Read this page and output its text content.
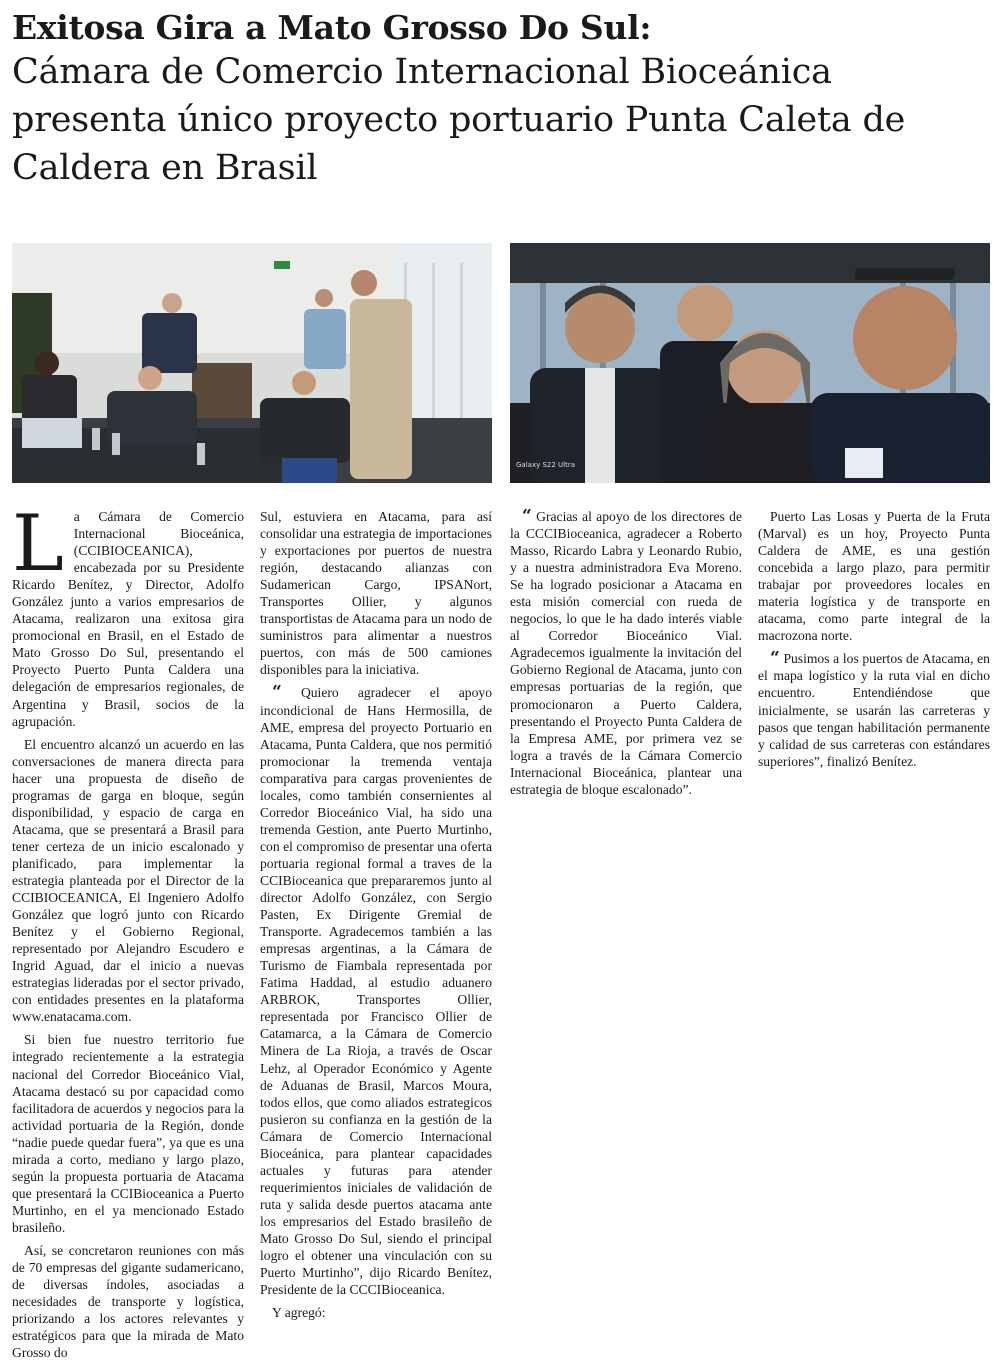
Exitosa Gira a Mato Grosso Do Sul:
Cámara de Comercio Internacional Bioceánica presenta único proyecto portuario Punta Caleta de Caldera en Brasil
Galaxy S22 Ultra

La Cámara de Comercio Internacional Bioceánica, (CCIBIOCEANICA), encabezada por su Presidente Ricardo Benítez, y Director, Adolfo González junto a varios empresarios de Atacama, realizaron una exitosa gira promocional en Brasil, en el Estado de Mato Grosso Do Sul, presentando el Proyecto Puerto Punta Caldera una delegación de empresarios regionales, de Argentina y Brasil, socios de la agrupación.

El encuentro alcanzó un acuerdo en las conversaciones de manera directa para hacer una propuesta de diseño de programas de garga en bloque, según disponibilidad, y espacio de carga en Atacama, que se presentará a Brasil para tener certeza de un inicio escalonado y planificado, para implementar la estrategia planteada por el Director de la CCIBIOCEANICA, El Ingeniero Adolfo González que logró junto con Ricardo Benítez y el Gobierno Regional, representado por Alejandro Escudero e Ingrid Aguad, dar el inicio a nuevas estrategias lideradas por el sector privado, con entidades presentes en la plataforma www.enatacama.com.

Si bien fue nuestro territorio fue integrado recientemente a la estrategia nacional del Corredor Bioceánico Vial, Atacama destacó su por capacidad como facilitadora de acuerdos y negocios para la actividad portuaria de la Región, donde “nadie puede quedar fuera”, ya que es una mirada a corto, mediano y largo plazo, según la propuesta portuaria de Atacama que presentará la CCIBioceanica a Puerto Murtinho, en el ya mencionado Estado brasileño.

Así, se concretaron reuniones con más de 70 empresas del gigante sudamericano, de diversas índoles, asociadas a necesidades de transporte y logística, priorizando a los actores relevantes y estratégicos para que la mirada de Mato Grosso do

Sul, estuviera en Atacama, para así consolidar una estrategia de importaciones y exportaciones por puertos de nuestra región, destacando alianzas con Sudamerican Cargo, IPSANort, Transportes Ollier, y algunos transportistas de Atacama para un nodo de suministros para alimentar a nuestros puertos, con más de 500 camiones disponibles para la iniciativa.

“ Quiero agradecer el apoyo incondicional de Hans Hermosilla, de AME, empresa del proyecto Portuario en Atacama, Punta Caldera, que nos permitió promocionar la tremenda ventaja comparativa para cargas provenientes de locales, como también consernientes al Corredor Bioceánico Vial, ha sido una tremenda Gestion, ante Puerto Murtinho, con el compromiso de presentar una oferta portuaria regional formal a traves de la CCIBioceanica que prepararemos junto al director Adolfo González, con Sergio Pasten, Ex Dirigente Gremial de Transporte. Agradecemos también a las empresas argentinas, a la Cámara de Turismo de Fiambala representada por Fatima Haddad, al estudio aduanero ARBROK, Transportes Ollier, representada por Francisco Ollier de Catamarca, a la Cámara de Comercio Minera de La Rioja, a través de Oscar Lehz, al Operador Económico y Agente de Aduanas de Brasil, Marcos Moura, todos ellos, que como aliados estrategicos pusieron su confianza en la gestión de la Cámara de Comercio Internacional Bioceánica, para plantear capacidades actuales y futuras para atender requerimientos iniciales de validación de ruta y salida desde puertos atacama ante los empresarios del Estado brasileño de Mato Grosso Do Sul, siendo el principal logro el obtener una vinculación con su Puerto Murtinho”, dijo Ricardo Benítez, Presidente de la CCCIBioceanica.

Y agregó:

“ Gracias al apoyo de los directores de la CCCIBioceanica, agradecer a Roberto Masso, Ricardo Labra y Leonardo Rubio, y a nuestra administradora Eva Moreno. Se ha logrado posicionar a Atacama en esta misión comercial con rueda de negocios, lo que le ha dado interés viable al Corredor Bioceánico Vial. Agradecemos igualmente la invitación del Gobierno Regional de Atacama, junto con empresas portuarias de la región, que promocionaron a Puerto Caldera, presentando el Proyecto Punta Caldera de la Empresa AME, por primera vez se logra a través de la Cámara Comercio Internacional Bioceánica, plantear una estrategia de bloque escalonado”.

Puerto Las Losas y Puerta de la Fruta (Marval) es un hoy, Proyecto Punta Caldera de AME, es una gestión concebida a largo plazo, para permitir trabajar por proveedores locales en materia logística y de transporte en atacama, como parte integral de la macrozona norte.

“ Pusimos a los puertos de Atacama, en el mapa logístico y la ruta vial en dicho encuentro. Entendiéndose que inicialmente, se usarán las carreteras y pasos que tengan habilitación permanente y calidad de sus carreteras con estándares superiores”, finalizó Benítez.
